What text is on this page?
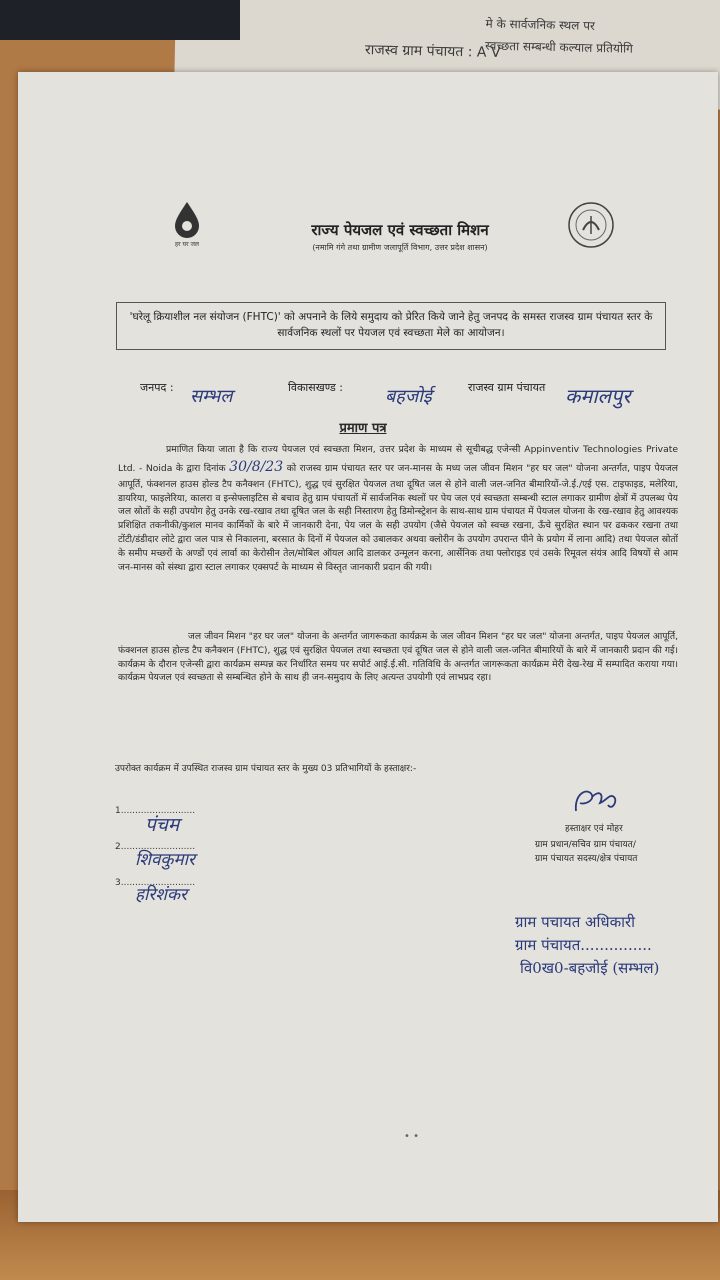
मे के सार्वजनिक स्थल पर
स्वच्छता सम्बन्धी कल्याल प्रतियोगि
राजस्व ग्राम पंचायत : A V
हर घर जल
राज्य पेयजल एवं स्वच्छता मिशन
(नमामि गंगे तथा ग्रामीण जलापूर्ति विभाग, उत्तर प्रदेश शासन)
'घरेलू क्रियाशील नल संयोजन (FHTC)' को अपनाने के लिये समुदाय को प्रेरित किये जाने हेतु जनपद के समस्त राजस्व ग्राम पंचायत स्तर के सार्वजनिक स्थलों पर पेयजल एवं स्वच्छता मेले का आयोजन।
जनपद : सम्भल	विकासखण्ड : बहजोई	राजस्व ग्राम पंचायत कमालपुर
प्रमाण पत्र
प्रमाणित किया जाता है कि राज्य पेयजल एवं स्वच्छता मिशन, उत्तर प्रदेश के माध्यम से सूचीबद्ध एजेन्सी Appinventiv Technologies Private Ltd. - Noida के द्वारा दिनांक 30/8/23 को राजस्व ग्राम पंचायत स्तर पर जन-मानस के मध्य जल जीवन मिशन "हर घर जल" योजना अन्तर्गत, पाइप पेयजल आपूर्ति, फंक्शनल हाउस होल्ड टैप कनैक्शन (FHTC), शुद्ध एवं सुरक्षित पेयजल तथा दूषित जल से होने वाली जल-जनित बीमारियों-जे.ई./एई एस. टाइफाइड, मलेरिया, डायरिया, फाइलेरिया, कालरा व इन्सेफ्लाइटिस से बचाव हेतु ग्राम पंचायतों में सार्वजनिक स्थलों पर पेय जल एवं स्वच्छता सम्बन्धी स्टाल लगाकर ग्रामीण क्षेत्रों में उपलब्ध पेय जल स्रोतों के सही उपयोग हेतु उनके रख-रखाव तथा दूषित जल के सही निस्तारण हेतु डिमोन्स्ट्रेशन के साथ-साथ ग्राम पंचायत में पेयजल योजना के रख-रखाव हेतु आवश्यक प्रशिक्षित तकनीकी/कुशल मानव कार्मिकों के बारे में जानकारी देना, पेय जल के सही उपयोग (जैसे पेयजल को स्वच्छ रखना, ऊँचे सुरक्षित स्थान पर ढककर रखना तथा टोंटी/डंडीदार लोटे द्वारा जल पात्र से निकालना, बरसात के दिनों में पेयजल को उबालकर अथवा क्लोरीन के उपयोग उपरान्त पीने के प्रयोग में लाना आदि) तथा पेयजल स्रोतों के समीप मच्छरों के अण्डों एवं लार्वा का केरोसीन तेल/मोबिल ऑयल आदि डालकर उन्मूलन करना, आर्सेनिक तथा फ्लोराइड एवं उसके रिमूवल संयंत्र आदि विषयों से आम जन-मानस को संस्था द्वारा स्टाल लगाकर एक्सपर्ट के माध्यम से विस्तृत जानकारी प्रदान की गयी।
जल जीवन मिशन "हर घर जल" योजना के अन्तर्गत जागरूकता कार्यक्रम के जल जीवन मिशन "हर घर जल" योजना अन्तर्गत, पाइप पेयजल आपूर्ति, फंक्शनल हाउस होल्ड टैप कनैक्शन (FHTC), शुद्ध एवं सुरक्षित पेयजल तथा स्वच्छता एवं दूषित जल से होने वाली जल-जनित बीमारियों के बारे में जानकारी प्रदान की गई। कार्यक्रम के दौरान एजेन्सी द्वारा कार्यक्रम सम्पन्न कर निर्धारित समय पर सपोर्ट आई.ई.सी. गतिविधि के अन्तर्गत जागरूकता कार्यक्रम मेरी देख-रेख में सम्पादित कराया गया। कार्यक्रम पेयजल एवं स्वच्छता से सम्बन्धित होने के साथ ही जन-समुदाय के लिए अत्यन्त उपयोगी एवं लाभप्रद रहा।
उपरोक्त कार्यक्रम में उपस्थित राजस्व ग्राम पंचायत स्तर के मुख्य 03 प्रतिभागियों के हस्ताक्षर:-
1..........................
पंचम
2..........................
शिवकुमार
3..........................
हरिशंकर
हस्ताक्षर एवं मोहर
ग्राम प्रधान/सचिव ग्राम पंचायत/
ग्राम पंचायत सदस्य/क्षेत्र पंचायत
ग्राम पचायत अधिकारी
ग्राम पंचायत...............
वि0ख0-बहजोई (सम्भल)
• •
